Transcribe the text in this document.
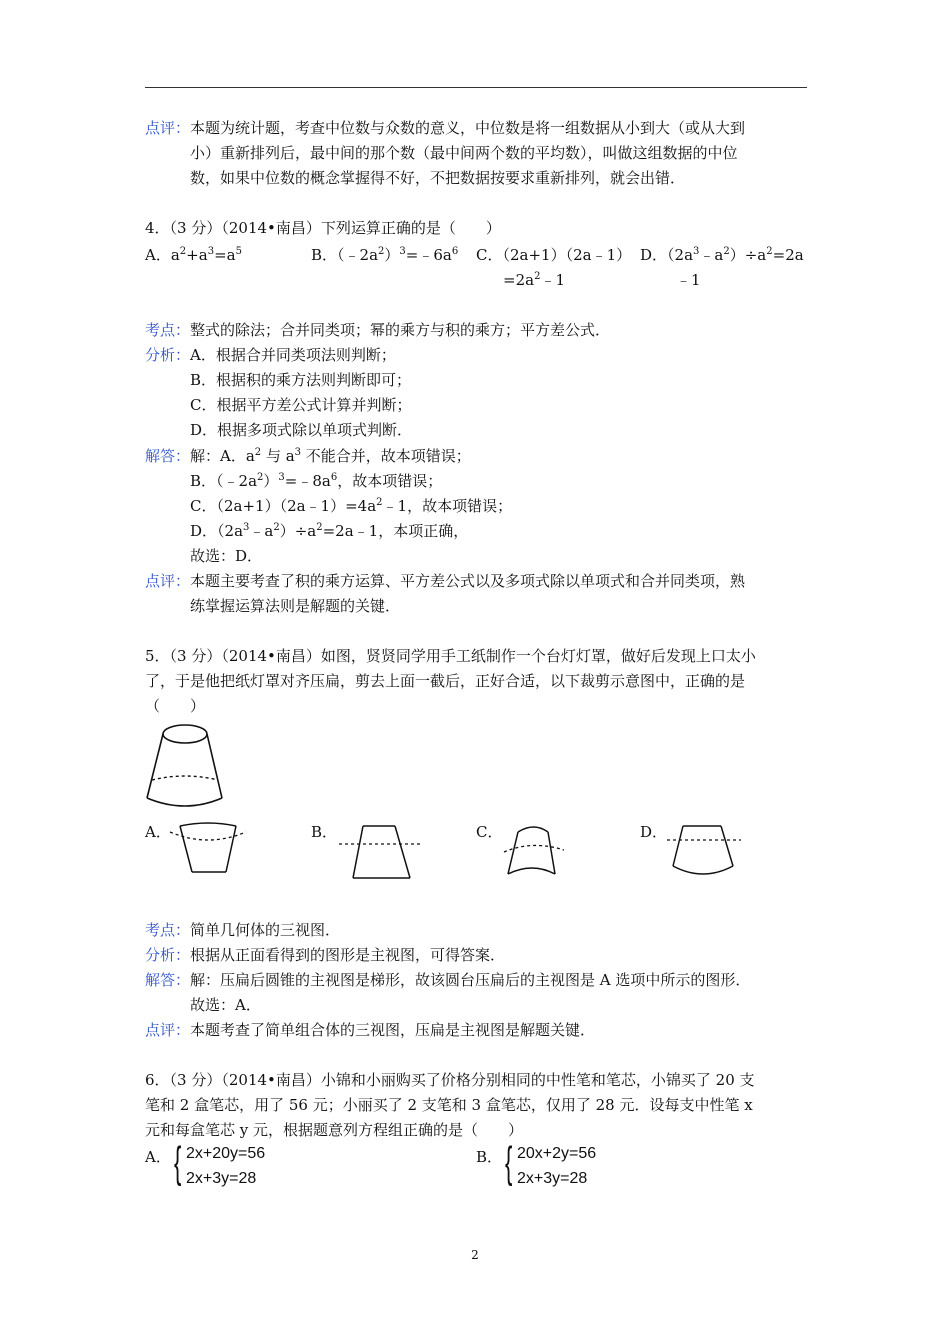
点评：本题为统计题，考查中位数与众数的意义，中位数是将一组数据从小到大（或从大到
小）重新排列后，最中间的那个数（最中间两个数的平均数），叫做这组数据的中位
数，如果中位数的概念掌握得不好，不把数据按要求重新排列，就会出错．
4．（3 分）（2014•南昌）下列运算正确的是（　　）
A．$a^2+a^3=a^5$	B．$(﹣2a^2)^3=﹣6a^6$ C．（2a+1）（2a﹣1）
$=2a^2﹣1$
D．$(2a^3﹣a^2)\div a^2=2a$
﹣1
考点：整式的除法；合并同类项；幂的乘方与积的乘方；平方差公式．
分析：A．根据合并同类项法则判断；
B．根据积的乘方法则判断即可；
C．根据平方差公式计算并判断；
D．根据多项式除以单项式判断．
解答：解：A．$a^2$ 与 $a^3$ 不能合并，故本项错误；
B．$(﹣2a^2)^3=﹣8a^6$，故本项错误；
C．$(2a+1)(2a﹣1)=4a^2﹣1$，故本项错误；
D．$(2a^3﹣a^2)\div a^2=2a﹣1$，本项正确，
故选：D．
点评：本题主要考查了积的乘方运算、平方差公式以及多项式除以单项式和合并同类项，熟
练掌握运算法则是解题的关键．
5．（3 分）（2014•南昌）如图，贤贤同学用手工纸制作一个台灯灯罩，做好后发现上口太小
了，于是他把纸灯罩对齐压扁，剪去上面一截后，正好合适，以下裁剪示意图中，正确的是
（　　）
A．	B．	C．	D．
考点：简单几何体的三视图．
分析：根据从正面看得到的图形是主视图，可得答案．
解答：解：压扁后圆锥的主视图是梯形，故该圆台压扁后的主视图是 A 选项中所示的图形．
故选：A．
点评：本题考查了简单组合体的三视图，压扁是主视图是解题关键．
6．（3 分）（2014•南昌）小锦和小丽购买了价格分别相同的中性笔和笔芯，小锦买了 20 支
笔和 2 盒笔芯，用了 56 元；小丽买了 2 支笔和 3 盒笔芯，仅用了 28 元．设每支中性笔 x
元和每盒笔芯 y 元，根据题意列方程组正确的是（　　）
A． { 2x+20y=56
2x+3y=28
B． { 20x+2y=56
2x+3y=28
2
